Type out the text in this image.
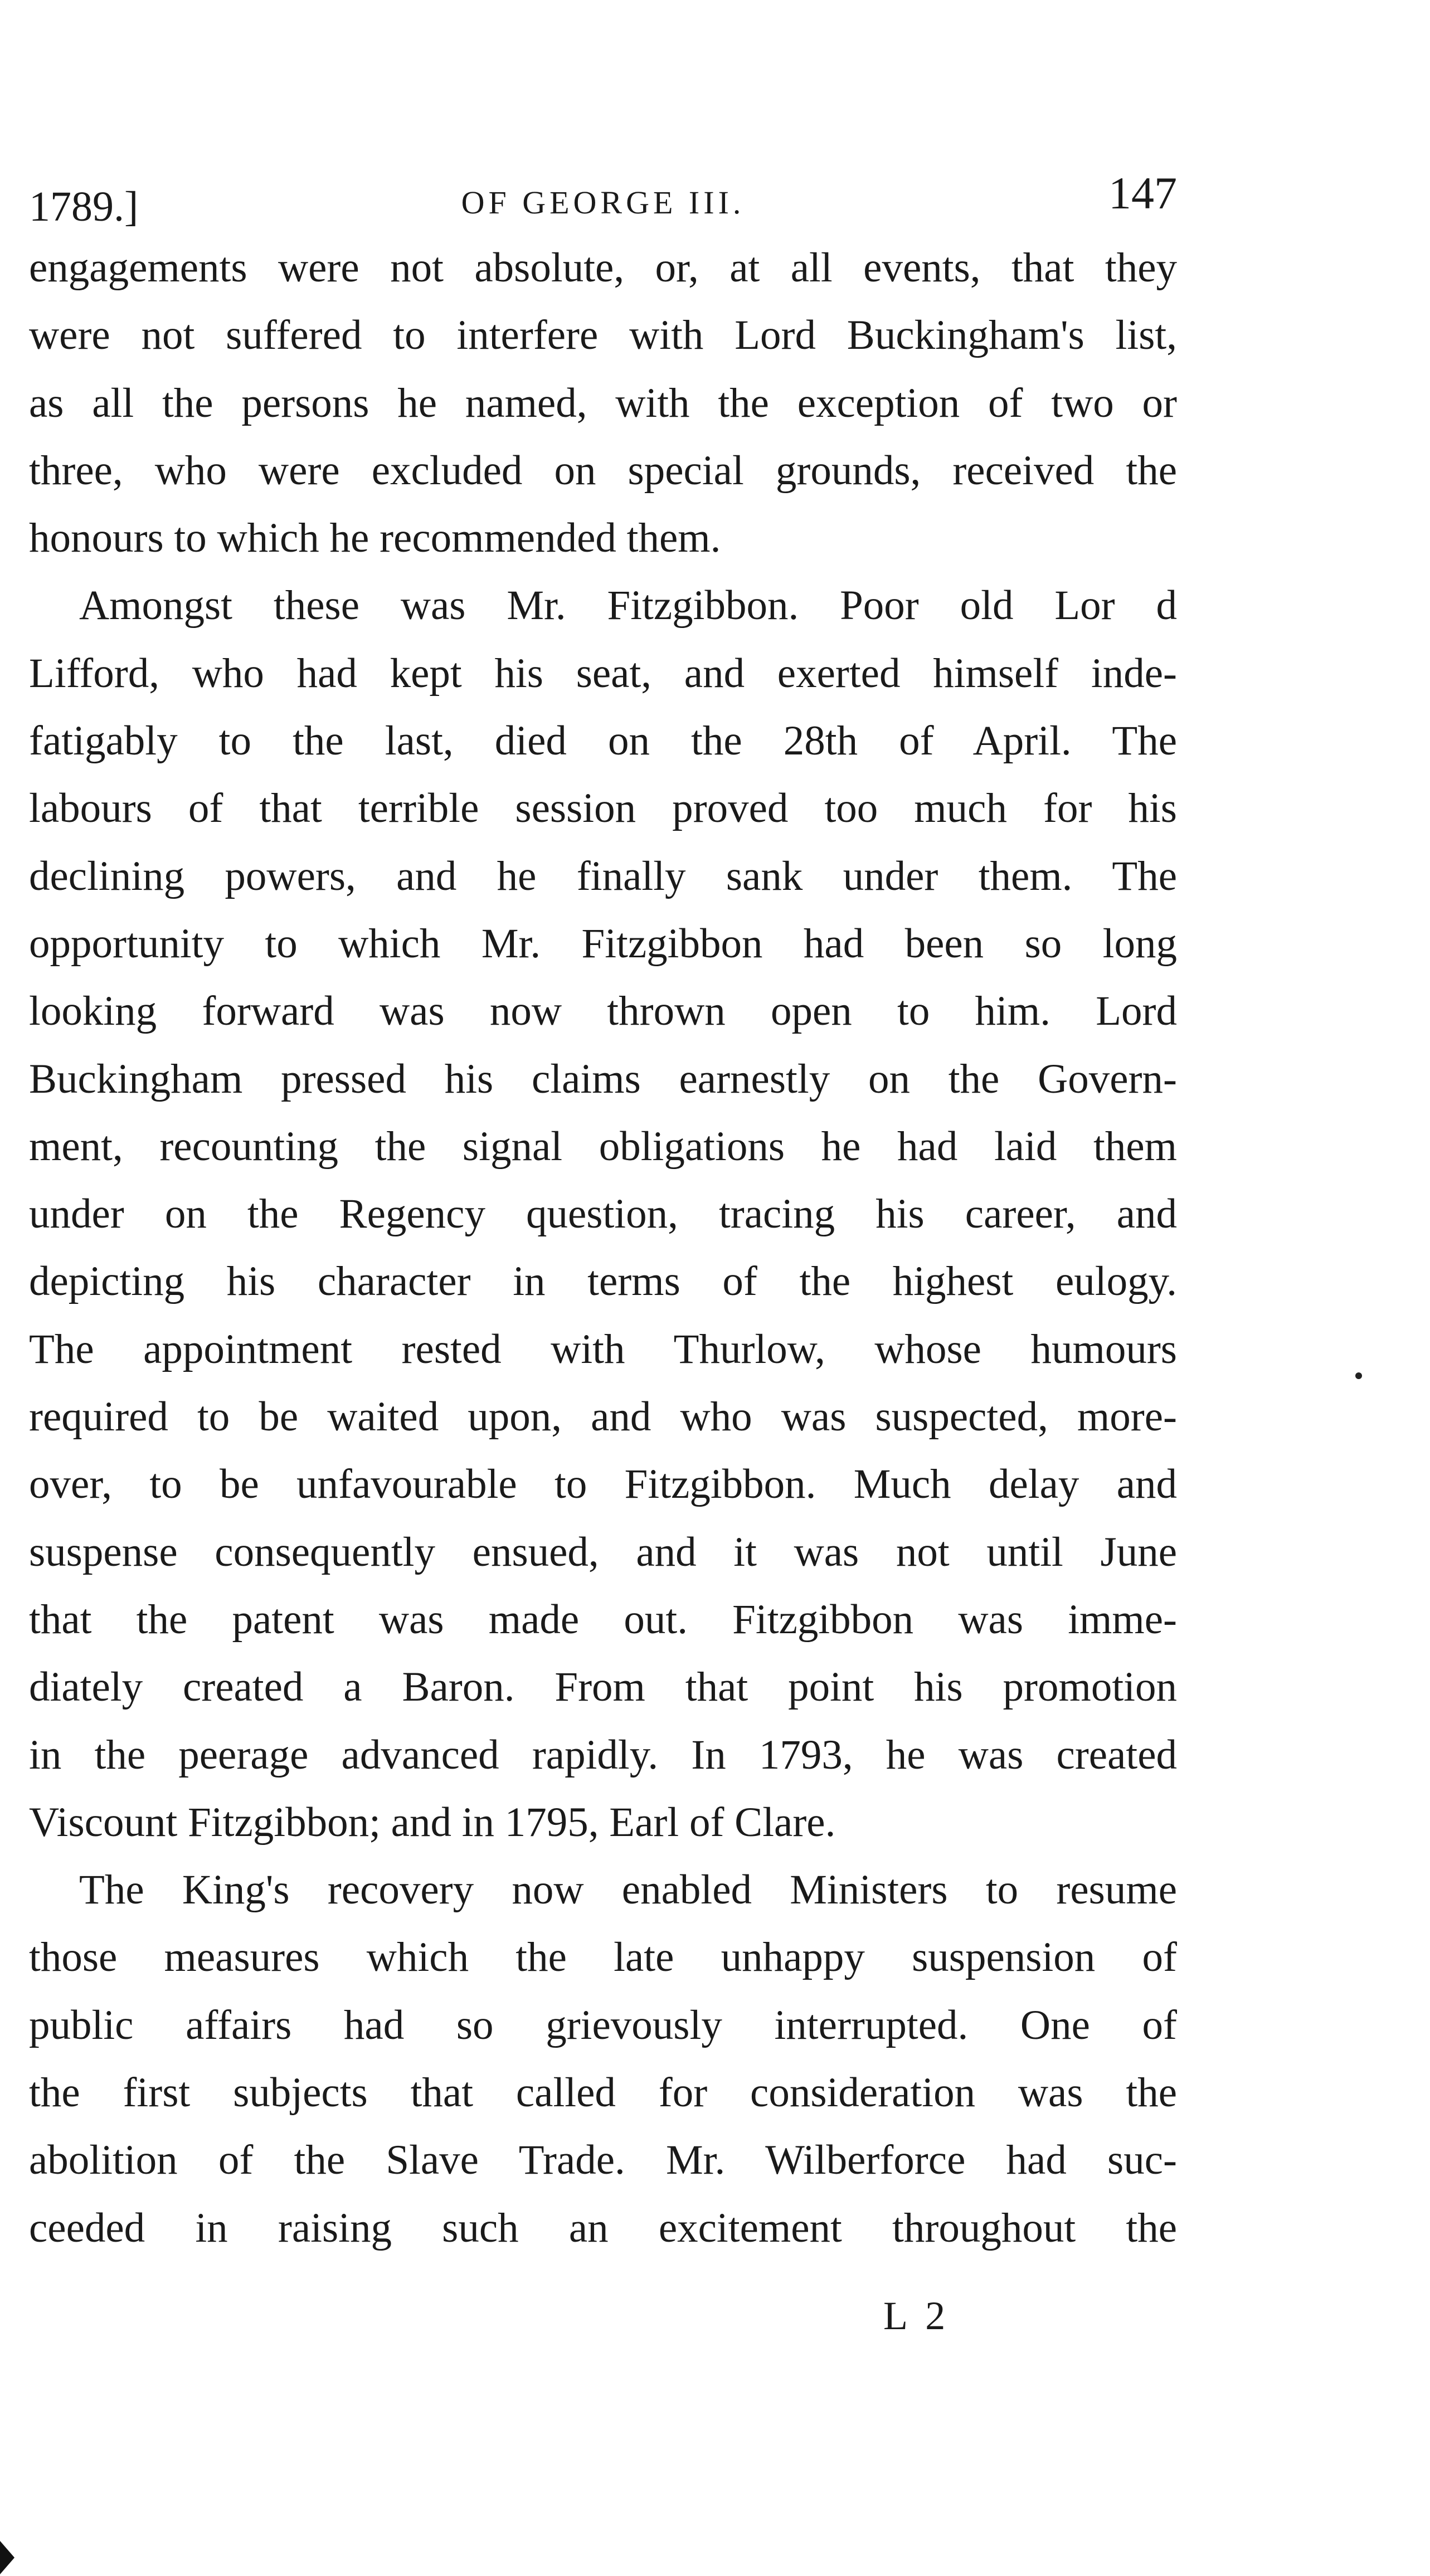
1789.]	OF GEORGE III.	147
engagements were not absolute, or, at all events, that they
were not suffered to interfere with Lord Buckingham's list,
as all the persons he named, with the exception of two or
three, who were excluded on special grounds, received the
honours to which he recommended them.
Amongst these was Mr. Fitzgibbon. Poor old Lor d
Lifford, who had kept his seat, and exerted himself inde-
fatigably to the last, died on the 28th of April. The
labours of that terrible session proved too much for his
declining powers, and he finally sank under them. The
opportunity to which Mr. Fitzgibbon had been so long
looking forward was now thrown open to him. Lord
Buckingham pressed his claims earnestly on the Govern-
ment, recounting the signal obligations he had laid them
under on the Regency question, tracing his career, and
depicting his character in terms of the highest eulogy.
The appointment rested with Thurlow, whose humours
required to be waited upon, and who was suspected, more-
over, to be unfavourable to Fitzgibbon. Much delay and
suspense consequently ensued, and it was not until June
that the patent was made out. Fitzgibbon was imme-
diately created a Baron. From that point his promotion
in the peerage advanced rapidly. In 1793, he was created
Viscount Fitzgibbon; and in 1795, Earl of Clare.
The King's recovery now enabled Ministers to resume
those measures which the late unhappy suspension of
public affairs had so grievously interrupted. One of
the first subjects that called for consideration was the
abolition of the Slave Trade. Mr. Wilberforce had suc-
ceeded in raising such an excitement throughout the
L 2
